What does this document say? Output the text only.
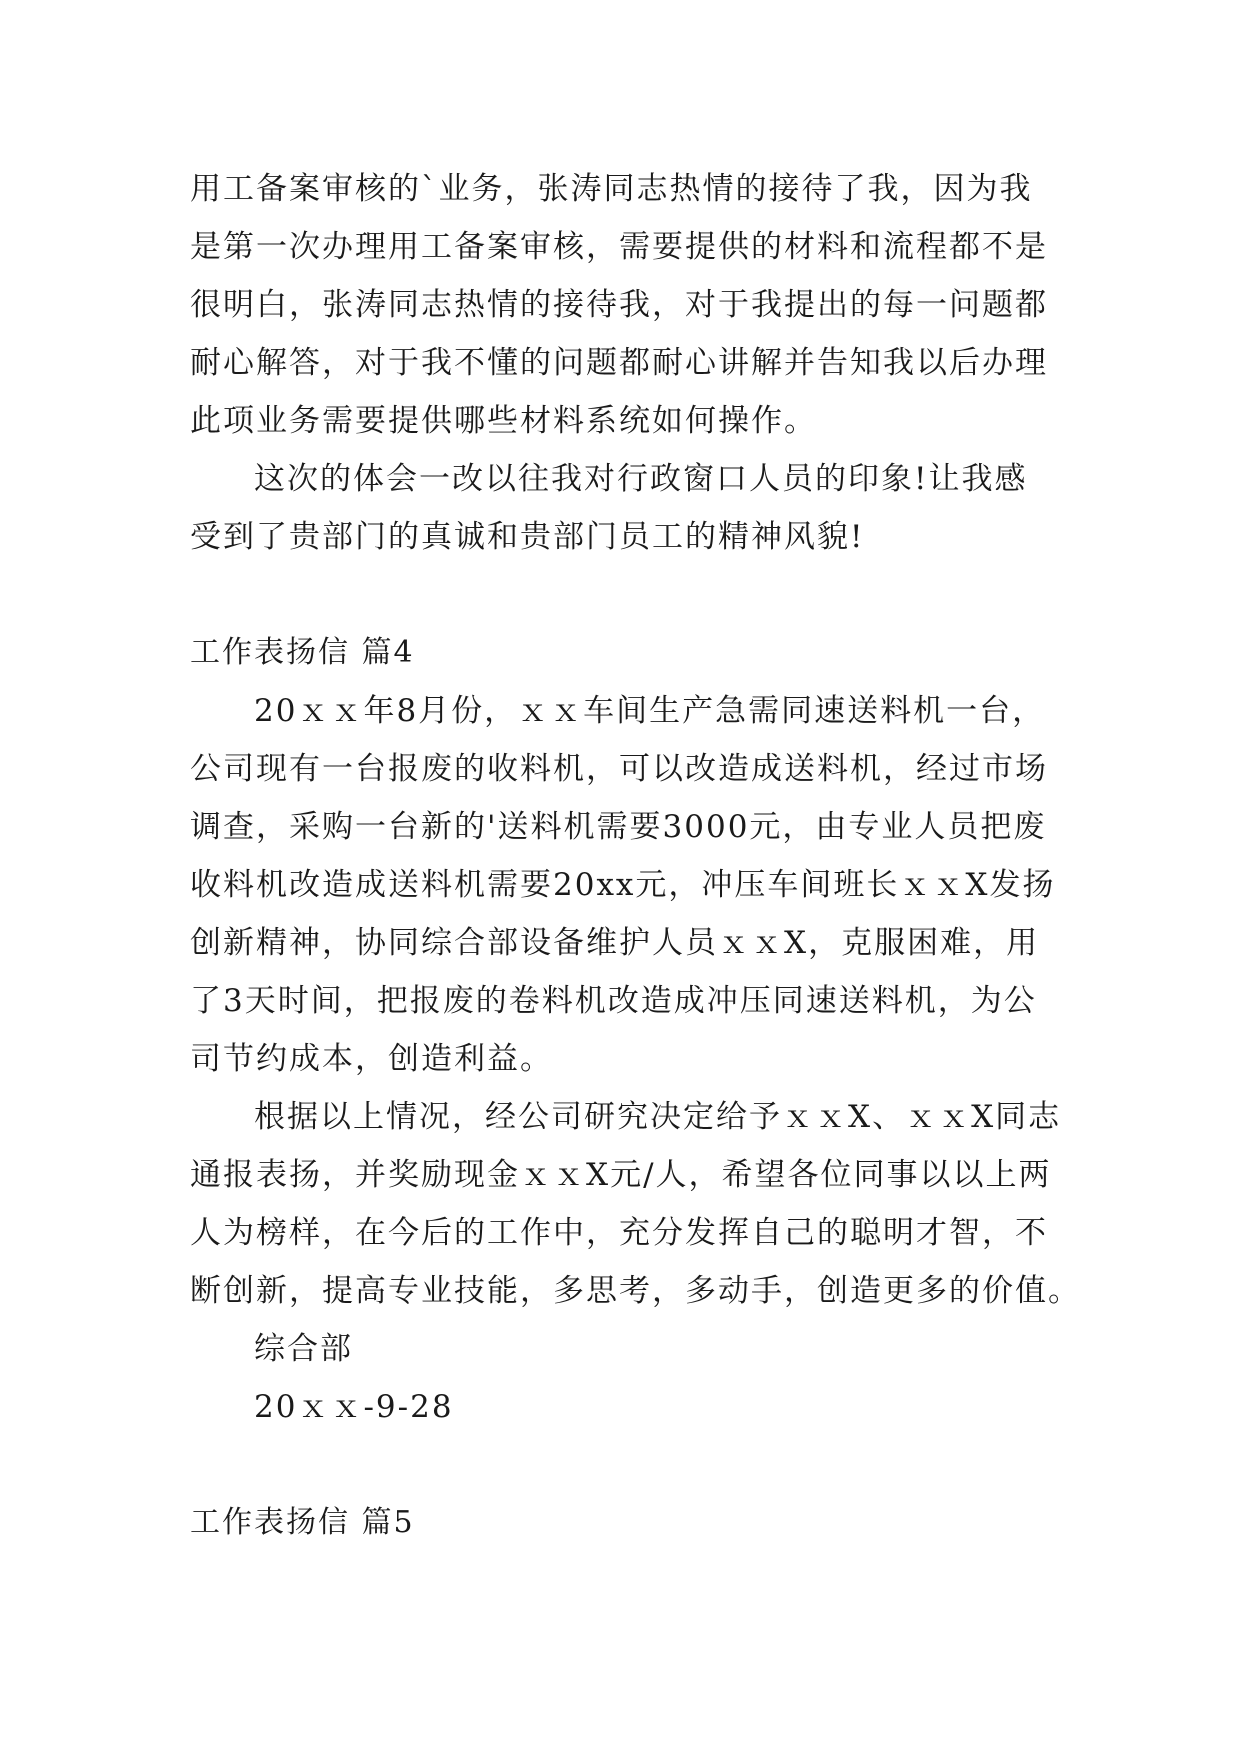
用工备案审核的`业务，张涛同志热情的接待了我，因为我
是第一次办理用工备案审核，需要提供的材料和流程都不是
很明白，张涛同志热情的接待我，对于我提出的每一问题都
耐心解答，对于我不懂的问题都耐心讲解并告知我以后办理
此项业务需要提供哪些材料系统如何操作。
这次的体会一改以往我对行政窗口人员的印象!让我感
受到了贵部门的真诚和贵部门员工的精神风貌!
工作表扬信 篇4
20ｘｘ年8月份，ｘｘ车间生产急需同速送料机一台，
公司现有一台报废的收料机，可以改造成送料机，经过市场
调查，采购一台新的'送料机需要3000元，由专业人员把废
收料机改造成送料机需要20xx元，冲压车间班长ｘｘX发扬
创新精神，协同综合部设备维护人员ｘｘX，克服困难，用
了3天时间，把报废的卷料机改造成冲压同速送料机，为公
司节约成本，创造利益。
根据以上情况，经公司研究决定给予ｘｘX、ｘｘX同志
通报表扬，并奖励现金ｘｘX元/人，希望各位同事以以上两
人为榜样，在今后的工作中，充分发挥自己的聪明才智，不
断创新，提高专业技能，多思考，多动手，创造更多的价值。
综合部
20ｘｘ-9-28
工作表扬信 篇5
